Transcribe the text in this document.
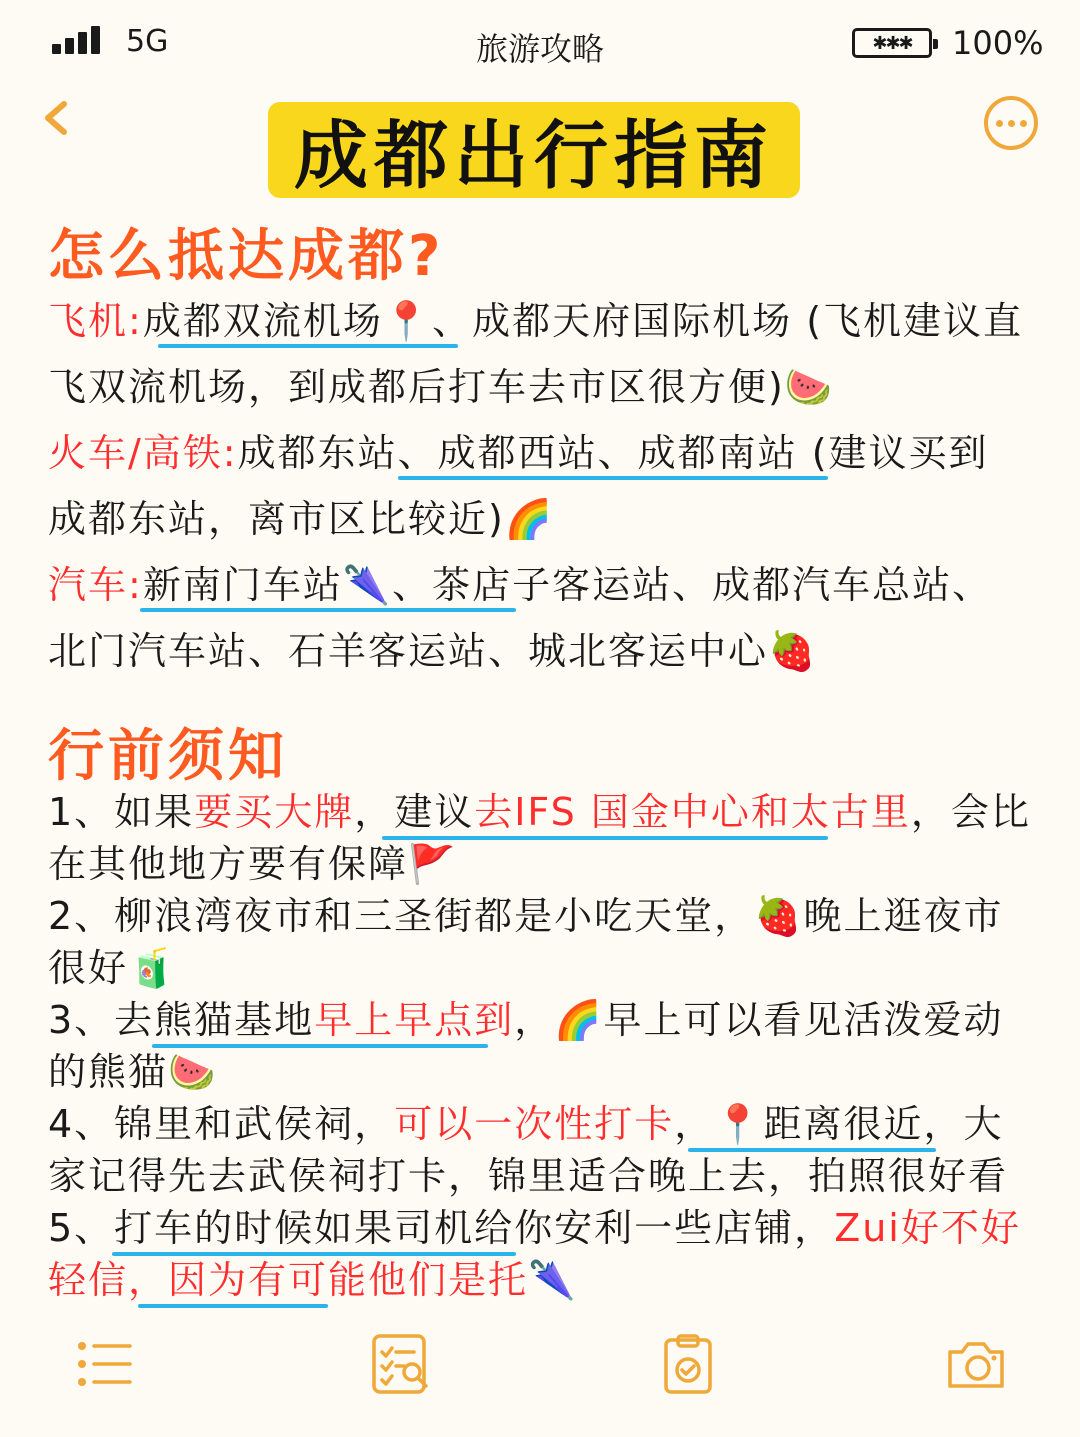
5G	旅游攻略	✱✱✱	100%
成都出行指南
怎么抵达成都?
飞机:成都双流机场📍、成都天府国际机场 (飞机建议直
飞双流机场，到成都后打车去市区很方便)🍉
火车/高铁:成都东站、成都西站、成都南站 (建议买到
成都东站，离市区比较近)🌈
汽车:新南门车站🌂、茶店子客运站、成都汽车总站、
北门汽车站、石羊客运站、城北客运中心🍓
行前须知
1、如果要买大牌，建议去IFS 国金中心和太古里，会比
在其他地方要有保障🚩
2、柳浪湾夜市和三圣街都是小吃天堂，🍓晚上逛夜市
很好🧃
3、去熊猫基地早上早点到，🌈早上可以看见活泼爱动
的熊猫🍉
4、锦里和武侯祠，可以一次性打卡，📍距离很近，大
家记得先去武侯祠打卡，锦里适合晚上去，拍照很好看
5、打车的时候如果司机给你安利一些店铺，Zui好不好
轻信，因为有可能他们是托🌂
